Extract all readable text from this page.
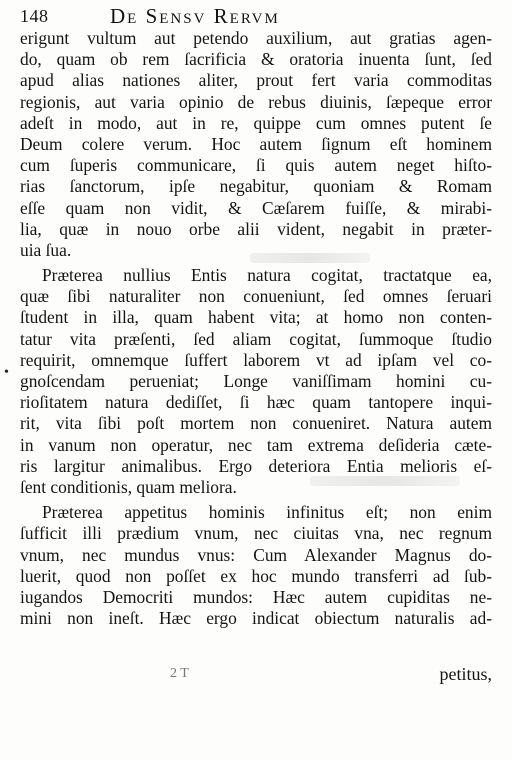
148	De Sensv Rervm
•
erigunt vultum aut petendo auxilium, aut gratias agen-
do, quam ob rem ſacrificia & oratoria inuenta ſunt, ſed
apud alias nationes aliter, prout fert varia commoditas
regionis, aut varia opinio de rebus diuinis, ſæpeque error
adeſt in modo, aut in re, quippe cum omnes putent ſe
Deum colere verum. Hoc autem ſignum eſt hominem
cum ſuperis communicare, ſi quis autem neget hiſto-
rias ſanctorum, ipſe negabitur, quoniam & Romam
eſſe quam non vidit, & Cæſarem fuiſſe, & mirabi-
lia, quæ in nouo orbe alii vident, negabit in præter-
uia ſua.
Præterea nullius Entis natura cogitat, tractatque ea,
quæ ſibi naturaliter non conueniunt, ſed omnes ſeruari
ſtudent in illa, quam habent vita; at homo non conten-
tatur vita præſenti, ſed aliam cogitat, ſummoque ſtudio
requirit, omnemque ſuffert laborem vt ad ipſam vel co-
gnoſcendam perueniat; Longe vaniſſimam homini cu-
rioſitatem natura dediſſet, ſi hæc quam tantopere inqui-
rit, vita ſibi poſt mortem non conueniret. Natura autem
in vanum non operatur, nec tam extrema deſideria cæte-
ris largitur animalibus. Ergo deteriora Entia melioris eſ-
ſent conditionis, quam meliora.
Præterea appetitus hominis infinitus eſt; non enim
ſufficit illi prædium vnum, nec ciuitas vna, nec regnum
vnum, nec mundus vnus: Cum Alexander Magnus do-
luerit, quod non poſſet ex hoc mundo transferri ad ſub-
iugandos Democriti mundos: Hæc autem cupiditas ne-
mini non ineſt. Hæc ergo indicat obiectum naturalis ad-
2 T	petitus,
